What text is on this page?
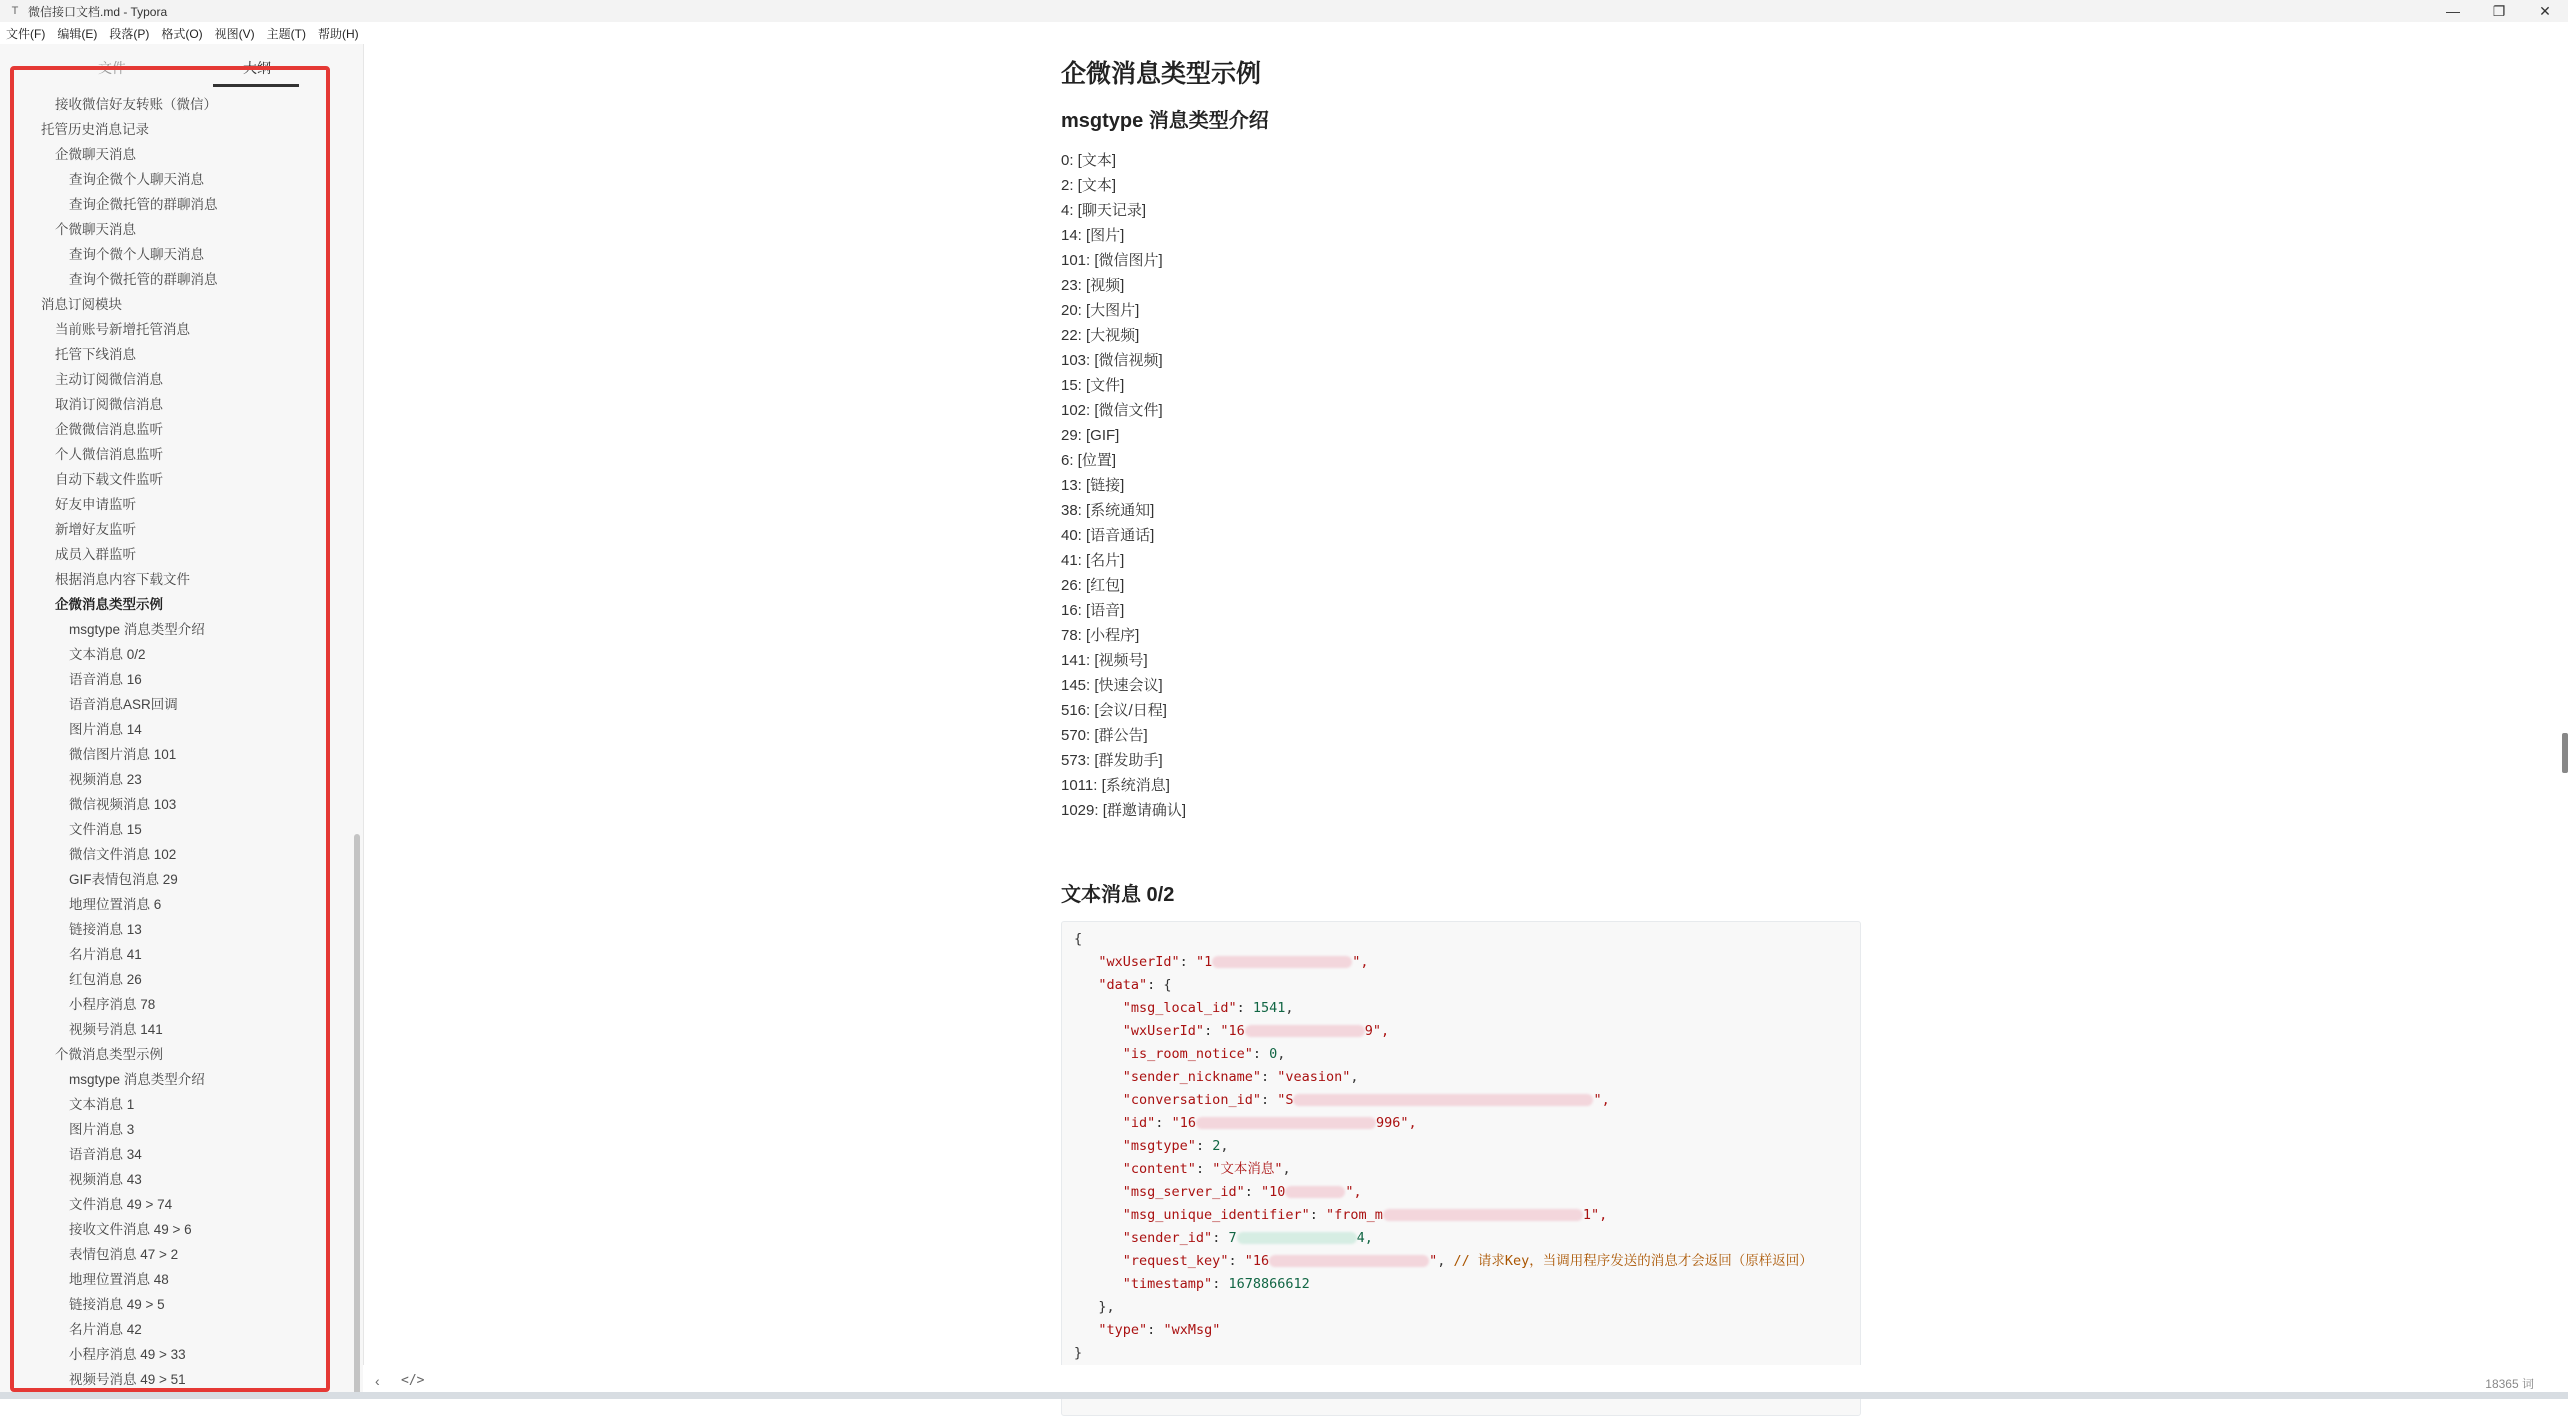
T 微信接口文档.md - Typora	—	❐	✕
文件(F)	编辑(E)	段落(P)	格式(O)	视图(V)	主题(T)	帮助(H)
文件	大纲
接收微信好友转账（微信）
托管历史消息记录
企微聊天消息
查询企微个人聊天消息
查询企微托管的群聊消息
个微聊天消息
查询个微个人聊天消息
查询个微托管的群聊消息
消息订阅模块
当前账号新增托管消息
托管下线消息
主动订阅微信消息
取消订阅微信消息
企微微信消息监听
个人微信消息监听
自动下载文件监听
好友申请监听
新增好友监听
成员入群监听
根据消息内容下载文件
企微消息类型示例
msgtype 消息类型介绍
文本消息 0/2
语音消息 16
语音消息ASR回调
图片消息 14
微信图片消息 101
视频消息 23
微信视频消息 103
文件消息 15
微信文件消息 102
GIF表情包消息 29
地理位置消息 6
链接消息 13
名片消息 41
红包消息 26
小程序消息 78
视频号消息 141
个微消息类型示例
msgtype 消息类型介绍
文本消息 1
图片消息 3
语音消息 34
视频消息 43
文件消息 49 > 74
接收文件消息 49 > 6
表情包消息 47 > 2
地理位置消息 48
链接消息 49 > 5
名片消息 42
小程序消息 49 > 33
视频号消息 49 > 51
企微消息类型示例
msgtype 消息类型介绍
0: [文本]
2: [文本]
4: [聊天记录]
14: [图片]
101: [微信图片]
23: [视频]
20: [大图片]
22: [大视频]
103: [微信视频]
15: [文件]
102: [微信文件]
29: [GIF]
6: [位置]
13: [链接]
38: [系统通知]
40: [语音通话]
41: [名片]
26: [红包]
16: [语音]
78: [小程序]
141: [视频号]
145: [快速会议]
516: [会议/日程]
570: [群公告]
573: [群发助手]
1011: [系统消息]
1029: [群邀请确认]
文本消息 0/2
{
"wxUserId": "1	",
"data": {
"msg_local_id": 1541,
"wxUserId": "16	9",
"is_room_notice": 0,
"sender_nickname": "veasion",
"conversation_id": "S	",
"id": "16	996",
"msgtype": 2,
"content": "文本消息",
"msg_server_id": "10	",
"msg_unique_identifier": "from_m	1",
"sender_id": 7	4,
"request_key": "16	", // 请求Key，当调用程序发送的消息才会返回（原样返回）
"timestamp": 1678866612
},
"type": "wxMsg"
}
‹ </>	18365 词
